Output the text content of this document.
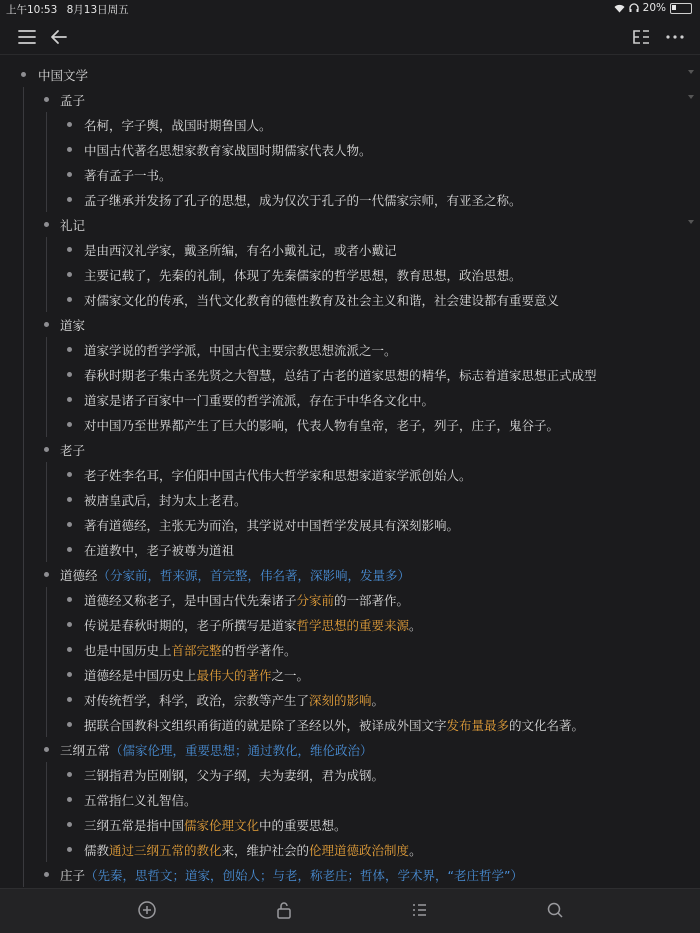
上午10:53 8月13日周五	20%
中国文学
孟子
名柯，字子舆，战国时期鲁国人。
中国古代著名思想家教育家战国时期儒家代表人物。
著有孟子一书。
孟子继承并发扬了孔子的思想，成为仅次于孔子的一代儒家宗师，有亚圣之称。
礼记
是由西汉礼学家，戴圣所编，有名小戴礼记，或者小戴记
主要记载了，先秦的礼制，体现了先秦儒家的哲学思想，教育思想，政治思想。
对儒家文化的传承，当代文化教育的德性教育及社会主义和谐，社会建设都有重要意义
道家
道家学说的哲学学派，中国古代主要宗教思想流派之一。
春秋时期老子集古圣先贤之大智慧，总结了古老的道家思想的精华，标志着道家思想正式成型
道家是诸子百家中一门重要的哲学流派，存在于中华各文化中。
对中国乃至世界都产生了巨大的影响，代表人物有皇帝，老子，列子，庄子，鬼谷子。
老子
老子姓李名耳，字伯阳中国古代伟大哲学家和思想家道家学派创始人。
被唐皇武后，封为太上老君。
著有道德经，主张无为而治，其学说对中国哲学发展具有深刻影响。
在道教中，老子被尊为道祖
道德经（分家前，哲来源，首完整，伟名著，深影响，发量多）
道德经又称老子，是中国古代先秦诸子分家前的一部著作。
传说是春秋时期的，老子所撰写是道家哲学思想的重要来源。
也是中国历史上首部完整的哲学著作。
道德经是中国历史上最伟大的著作之一。
对传统哲学，科学，政治，宗教等产生了深刻的影响。
据联合国教科文组织甬街道的就是除了圣经以外，被译成外国文字发布量最多的文化名著。
三纲五常（儒家伦理，重要思想；通过教化，维伦政治）
三钢指君为臣刚钢，父为子纲，夫为妻纲，君为成钢。
五常指仁义礼智信。
三纲五常是指中国儒家伦理文化中的重要思想。
儒教通过三纲五常的教化来，维护社会的伦理道德政治制度。
庄子（先秦，思哲文；道家，创始人；与老，称老庄；哲体，学术界，“老庄哲学”）
